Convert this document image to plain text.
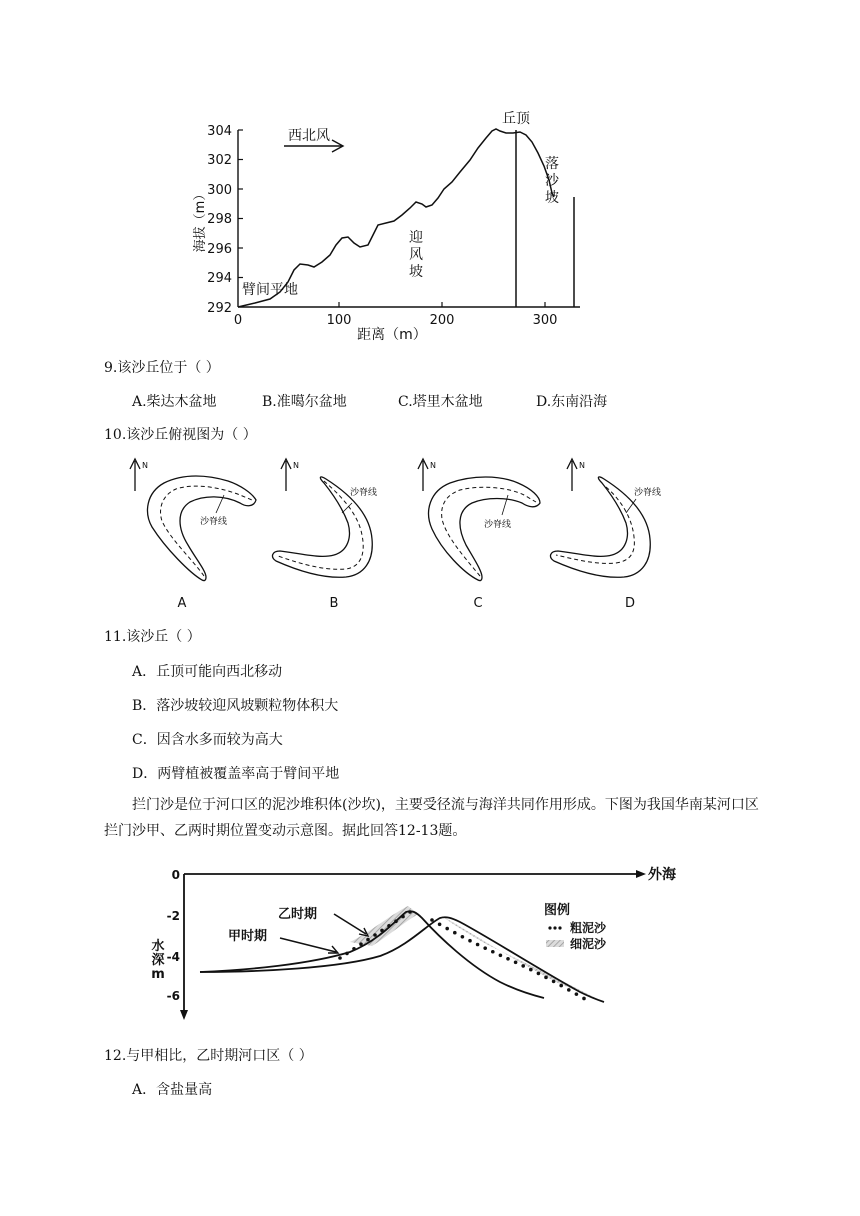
304
302
300
298
296
294
292
0	100	200	300
距离（m）
海拔（m）
西北风
丘顶
落沙坡
迎风坡
臂间平地
9.该沙丘位于（ ）
A.柴达木盆地	B.准噶尔盆地	C.塔里木盆地	D.东南沿海
10.该沙丘俯视图为（ ）
N
沙脊线
N
沙脊线
N
沙脊线
N
沙脊线
A	B	C	D
11.该沙丘（ ）
A．丘顶可能向西北移动
B．落沙坡较迎风坡颗粒物体积大
C．因含水多而较为高大
D．两臂植被覆盖率高于臂间平地
拦门沙是位于河口区的泥沙堆积体(沙坎)，主要受径流与海洋共同作用形成。下图为我国华南某河口区拦门沙甲、乙两时期位置变动示意图。据此回答12-13题。
外海
0
-2
-4
-6
水深 m
乙时期
甲时期
图例
粗泥沙
细泥沙
12.与甲相比，乙时期河口区（ ）
A．含盐量高
